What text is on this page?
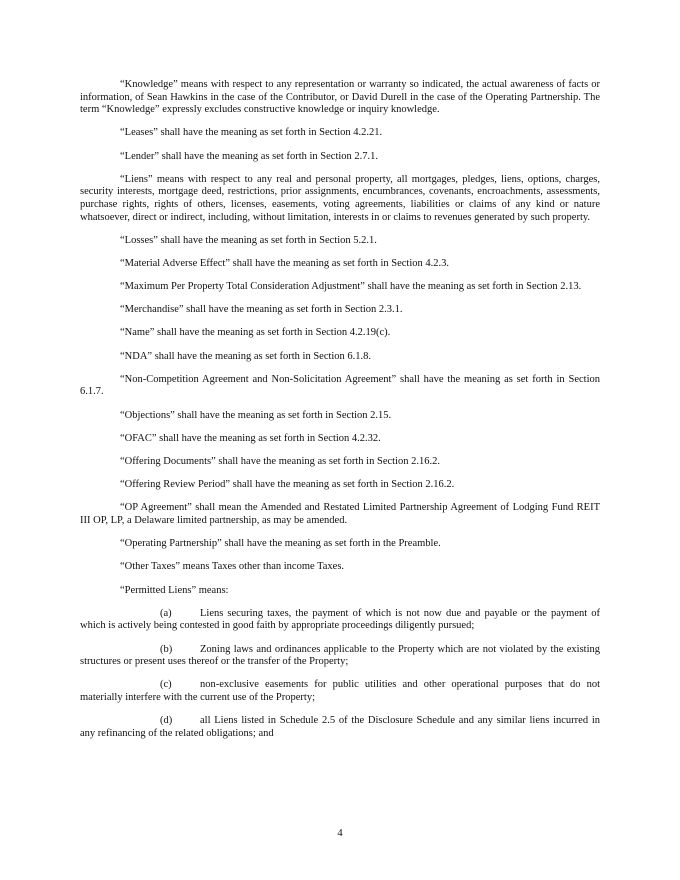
“Knowledge” means with respect to any representation or warranty so indicated, the actual awareness of facts or information, of Sean Hawkins in the case of the Contributor, or David Durell in the case of the Operating Partnership. The term “Knowledge” expressly excludes constructive knowledge or inquiry knowledge.

“Leases” shall have the meaning as set forth in Section 4.2.21.

“Lender” shall have the meaning as set forth in Section 2.7.1.

“Liens” means with respect to any real and personal property, all mortgages, pledges, liens, options, charges, security interests, mortgage deed, restrictions, prior assignments, encumbrances, covenants, encroachments, assessments, purchase rights, rights of others, licenses, easements, voting agreements, liabilities or claims of any kind or nature whatsoever, direct or indirect, including, without limitation, interests in or claims to revenues generated by such property.

“Losses” shall have the meaning as set forth in Section 5.2.1.

“Material Adverse Effect” shall have the meaning as set forth in Section 4.2.3.

“Maximum Per Property Total Consideration Adjustment” shall have the meaning as set forth in Section 2.13.

“Merchandise” shall have the meaning as set forth in Section 2.3.1.

“Name” shall have the meaning as set forth in Section 4.2.19(c).

“NDA” shall have the meaning as set forth in Section 6.1.8.

“Non-Competition Agreement and Non-Solicitation Agreement” shall have the meaning as set forth in Section 6.1.7.

“Objections” shall have the meaning as set forth in Section 2.15.

“OFAC” shall have the meaning as set forth in Section 4.2.32.

“Offering Documents” shall have the meaning as set forth in Section 2.16.2.

“Offering Review Period” shall have the meaning as set forth in Section 2.16.2.

“OP Agreement” shall mean the Amended and Restated Limited Partnership Agreement of Lodging Fund REIT III OP, LP, a Delaware limited partnership, as may be amended.

“Operating Partnership” shall have the meaning as set forth in the Preamble.

“Other Taxes” means Taxes other than income Taxes.

“Permitted Liens” means:

(a)	Liens securing taxes, the payment of which is not now due and payable or the payment of which is actively being contested in good faith by appropriate proceedings diligently pursued;

(b)	Zoning laws and ordinances applicable to the Property which are not violated by the existing structures or present uses thereof or the transfer of the Property;

(c)	non-exclusive easements for public utilities and other operational purposes that do not materially interfere with the current use of the Property;

(d)	all Liens listed in Schedule 2.5 of the Disclosure Schedule and any similar liens incurred in any refinancing of the related obligations; and

4
